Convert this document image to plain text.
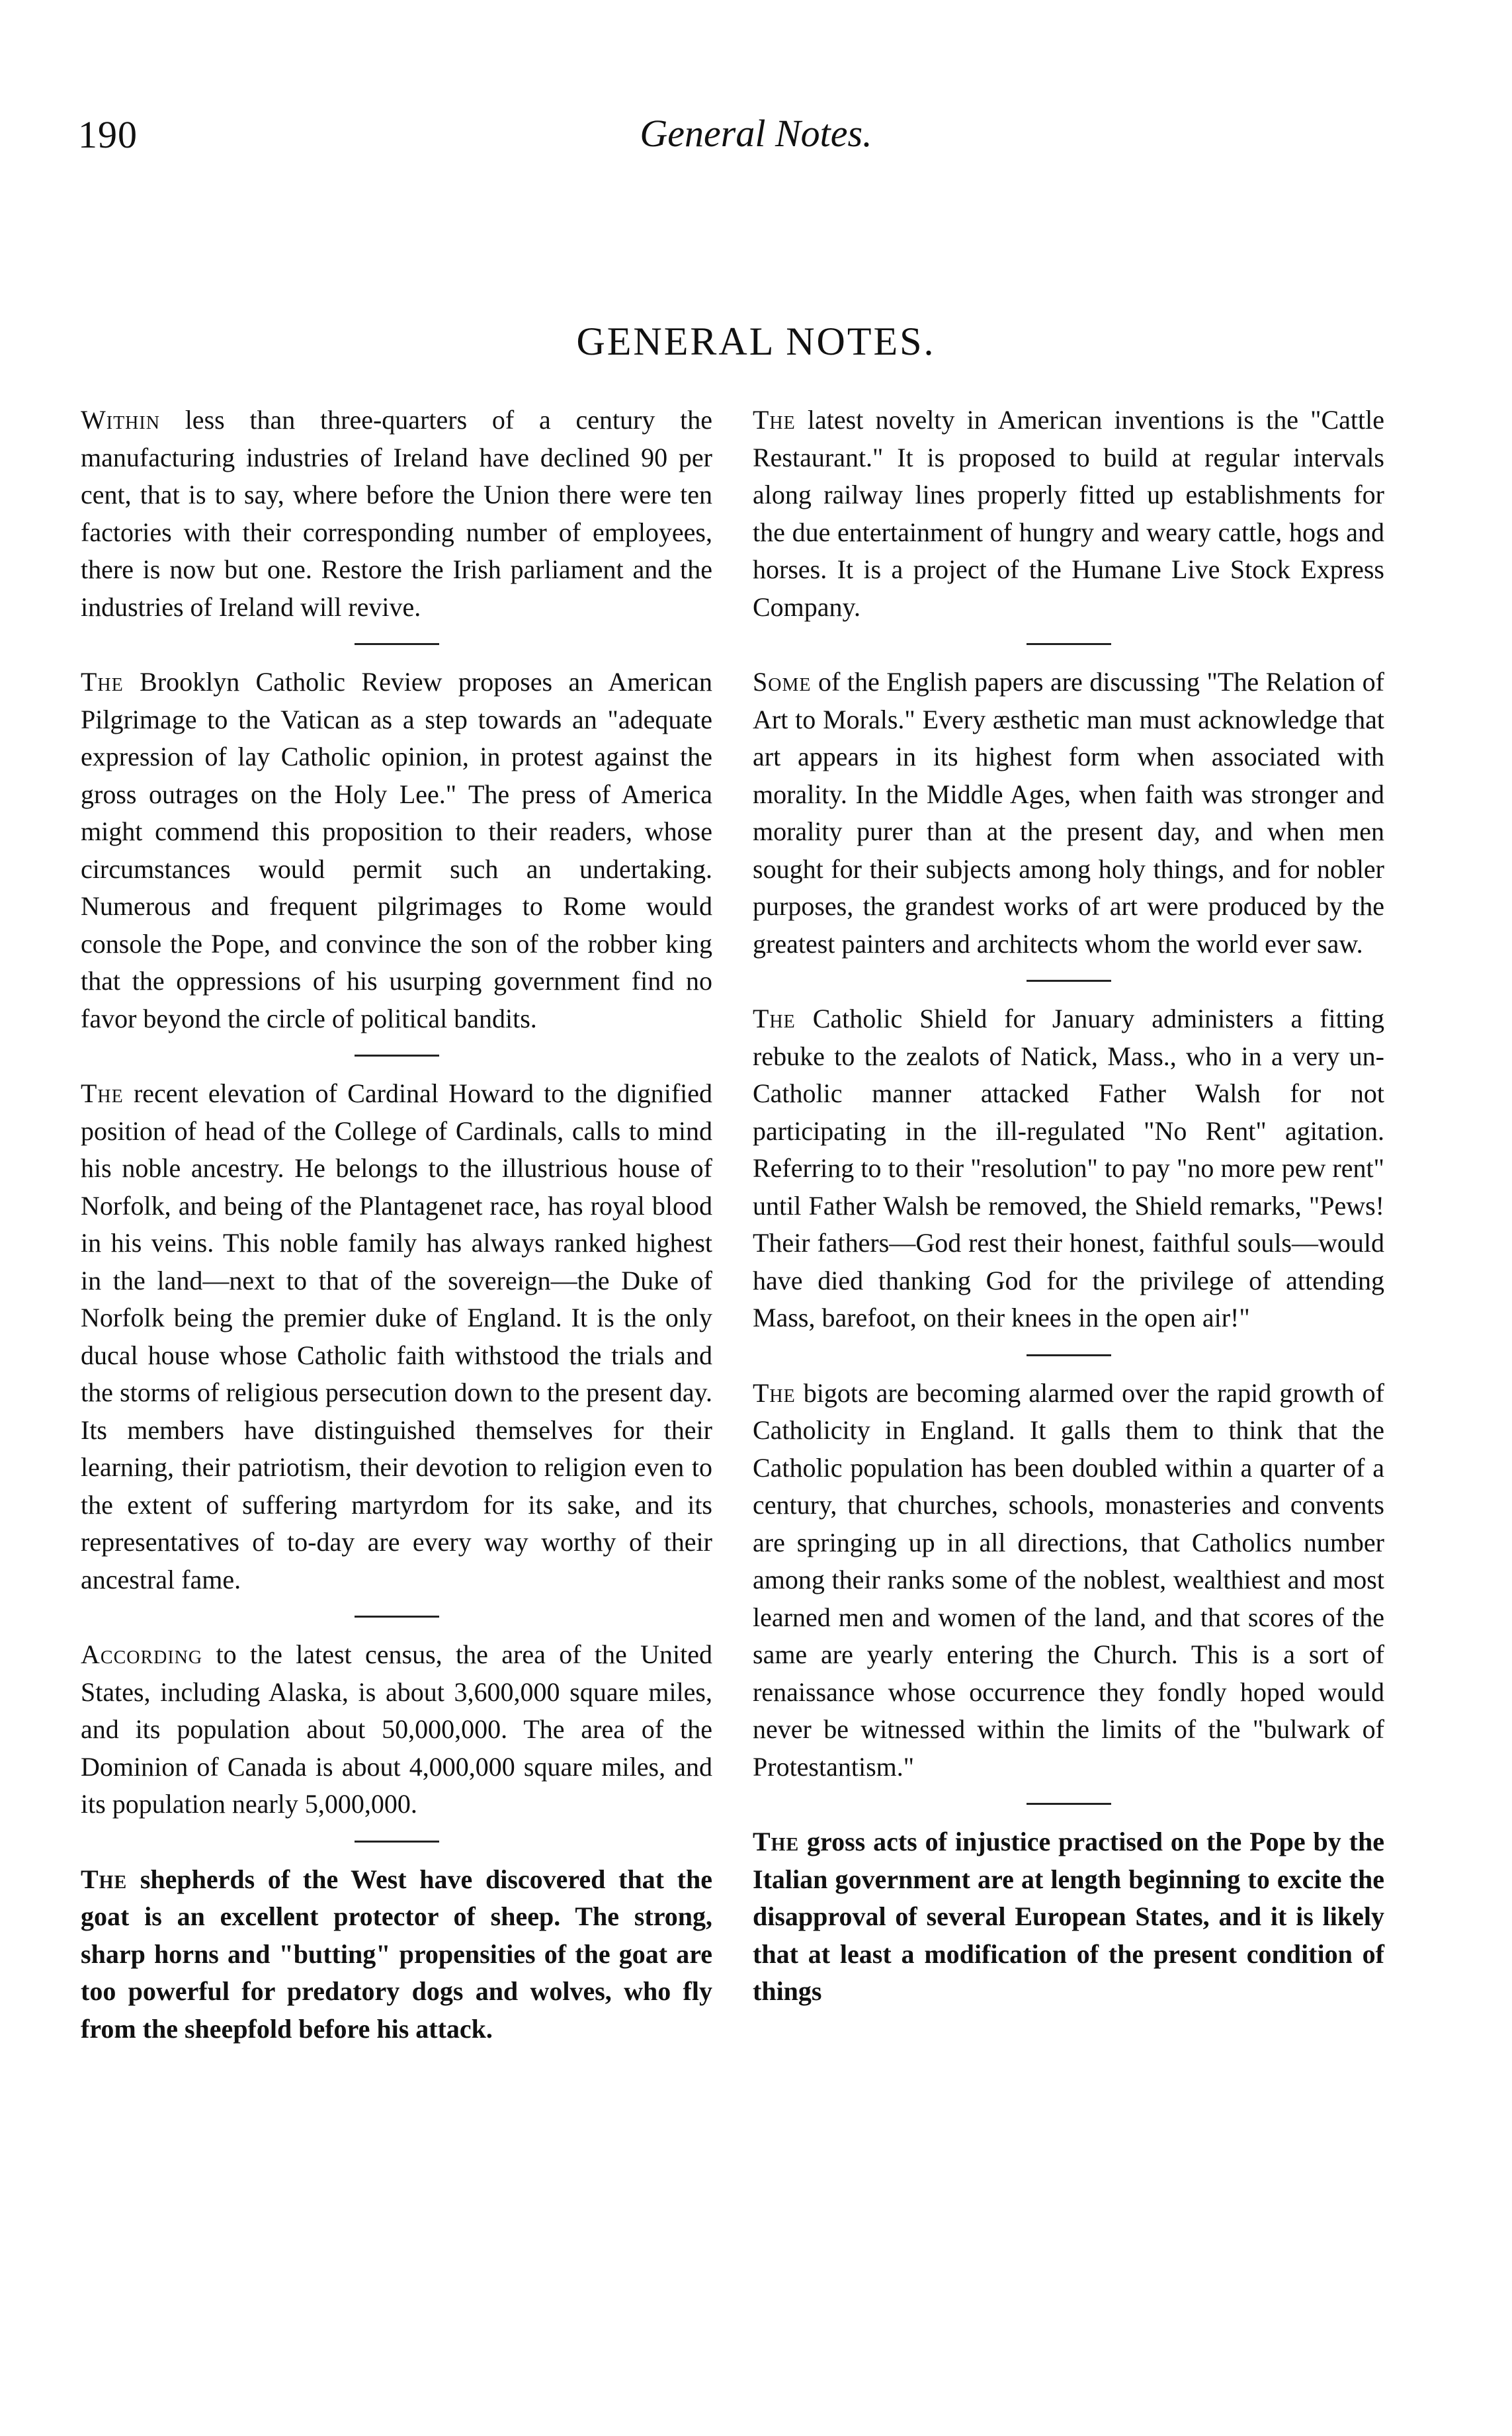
190	General Notes.
GENERAL NOTES.

Within less than three-quarters of a century the manufacturing industries of Ireland have declined 90 per cent, that is to say, where before the Union there were ten factories with their corresponding number of employees, there is now but one. Restore the Irish parliament and the industries of Ireland will revive.

The Brooklyn Catholic Review proposes an American Pilgrimage to the Vatican as a step towards an "adequate expression of lay Catholic opinion, in protest against the gross outrages on the Holy Lee." The press of America might commend this proposition to their readers, whose circumstances would permit such an undertaking. Numerous and frequent pilgrimages to Rome would console the Pope, and convince the son of the robber king that the oppressions of his usurping government find no favor beyond the circle of political bandits.

The recent elevation of Cardinal Howard to the dignified position of head of the College of Cardinals, calls to mind his noble ancestry. He belongs to the illustrious house of Norfolk, and being of the Plantagenet race, has royal blood in his veins. This noble family has always ranked highest in the land—next to that of the sovereign—the Duke of Norfolk being the premier duke of England. It is the only ducal house whose Catholic faith withstood the trials and the storms of religious persecution down to the present day. Its members have distinguished themselves for their learning, their patriotism, their devotion to religion even to the extent of suffering martyrdom for its sake, and its representatives of to-day are every way worthy of their ancestral fame.

According to the latest census, the area of the United States, including Alaska, is about 3,600,000 square miles, and its population about 50,000,000. The area of the Dominion of Canada is about 4,000,000 square miles, and its population nearly 5,000,000.

The shepherds of the West have discovered that the goat is an excellent protector of sheep. The strong, sharp horns and "butting" propensities of the goat are too powerful for predatory dogs and wolves, who fly from the sheepfold before his attack.

The latest novelty in American inventions is the "Cattle Restaurant." It is proposed to build at regular intervals along railway lines properly fitted up establishments for the due entertainment of hungry and weary cattle, hogs and horses. It is a project of the Humane Live Stock Express Company.

Some of the English papers are discussing "The Relation of Art to Morals." Every æsthetic man must acknowledge that art appears in its highest form when associated with morality. In the Middle Ages, when faith was stronger and morality purer than at the present day, and when men sought for their subjects among holy things, and for nobler purposes, the grandest works of art were produced by the greatest painters and architects whom the world ever saw.

The Catholic Shield for January administers a fitting rebuke to the zealots of Natick, Mass., who in a very un-Catholic manner attacked Father Walsh for not participating in the ill-regulated "No Rent" agitation. Referring to to their "resolution" to pay "no more pew rent" until Father Walsh be removed, the Shield remarks, "Pews! Their fathers—God rest their honest, faithful souls—would have died thanking God for the privilege of attending Mass, barefoot, on their knees in the open air!"

The bigots are becoming alarmed over the rapid growth of Catholicity in England. It galls them to think that the Catholic population has been doubled within a quarter of a century, that churches, schools, monasteries and convents are springing up in all directions, that Catholics number among their ranks some of the noblest, wealthiest and most learned men and women of the land, and that scores of the same are yearly entering the Church. This is a sort of renaissance whose occurrence they fondly hoped would never be witnessed within the limits of the "bulwark of Protestantism."

The gross acts of injustice practised on the Pope by the Italian government are at length beginning to excite the disapproval of several European States, and it is likely that at least a modification of the present condition of things
